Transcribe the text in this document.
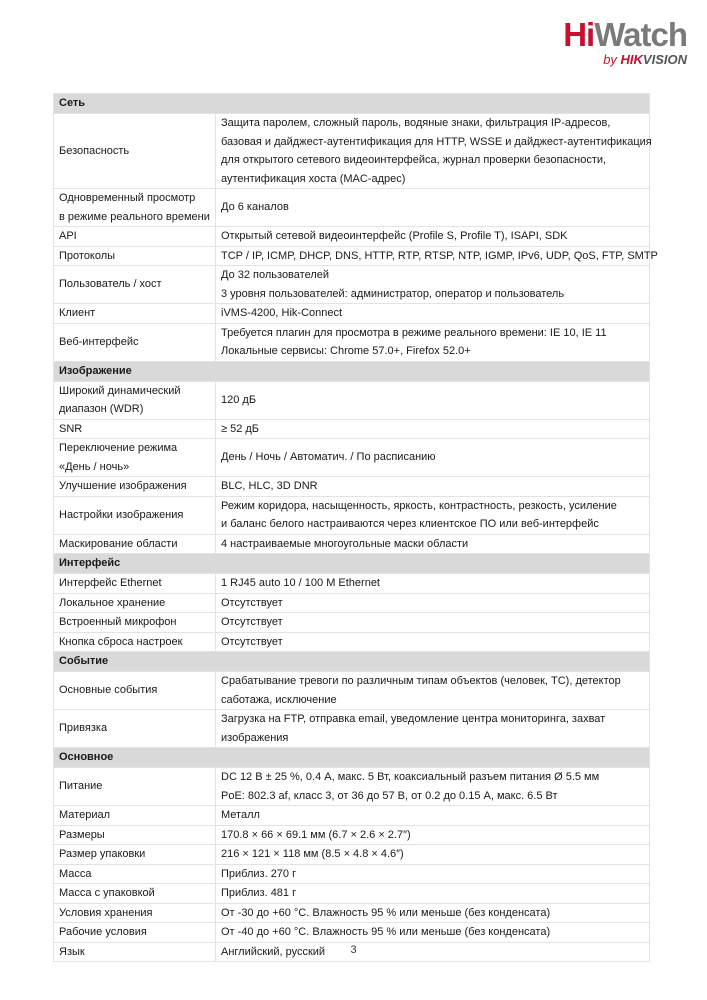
HiWatch
by HIKVISION
Сеть	

Безопасность	Защита паролем, сложный пароль, водяные знаки, фильтрация IP-адресов,
базовая и дайджест-аутентификация для HTTP, WSSE и дайджест-аутентификация
для открытого сетевого видеоинтерфейса, журнал проверки безопасности,
аутентификация хоста (MAC-адрес)

Одновременный просмотр
в режиме реального времени	До 6 каналов

API	Открытый сетевой видеоинтерфейс (Profile S, Profile T), ISAPI, SDK

Протоколы	TCP / IP, ICMP, DHCP, DNS, HTTP, RTP, RTSP, NTP, IGMP, IPv6, UDP, QoS, FTP, SMTP

Пользователь / хост	До 32 пользователей
3 уровня пользователей: администратор, оператор и пользователь

Клиент	iVMS-4200, Hik-Connect

Веб-интерфейс	Требуется плагин для просмотра в режиме реального времени: IE 10, IE 11
Локальные сервисы: Chrome 57.0+, Firefox 52.0+

Изображение	

Широкий динамический
диапазон (WDR)	120 дБ

SNR	≥ 52 дБ

Переключение режима
«День / ночь»	День / Ночь / Автоматич. / По расписанию

Улучшение изображения	BLC, HLC, 3D DNR

Настройки изображения	Режим коридора, насыщенность, яркость, контрастность, резкость, усиление
и баланс белого настраиваются через клиентское ПО или веб-интерфейс

Маскирование области	4 настраиваемые многоугольные маски области

Интерфейс	

Интерфейс Ethernet	1 RJ45 auto 10 / 100 M Ethernet

Локальное хранение	Отсутствует

Встроенный микрофон	Отсутствует

Кнопка сброса настроек	Отсутствует

Событие	

Основные события	Срабатывание тревоги по различным типам объектов (человек, ТС), детектор
саботажа, исключение

Привязка	Загрузка на FTP, отправка email, уведомление центра мониторинга, захват
изображения

Основное	

Питание	DC 12 В ± 25 %, 0.4 А, макс. 5 Вт, коаксиальный разъем питания Ø 5.5 мм
PoE: 802.3 af, класс 3, от 36 до 57 В, от 0.2 до 0.15 А, макс. 6.5 Вт

Материал	Металл

Размеры	170.8 × 66 × 69.1 мм (6.7 × 2.6 × 2.7″)

Размер упаковки	216 × 121 × 118 мм (8.5 × 4.8 × 4.6″)

Масса	Приблиз. 270 г

Масса с упаковкой	Приблиз. 481 г

Условия хранения	От -30 до +60 °C. Влажность 95 % или меньше (без конденсата)

Рабочие условия	От -40 до +60 °C. Влажность 95 % или меньше (без конденсата)

Язык	Английский, русский	3
